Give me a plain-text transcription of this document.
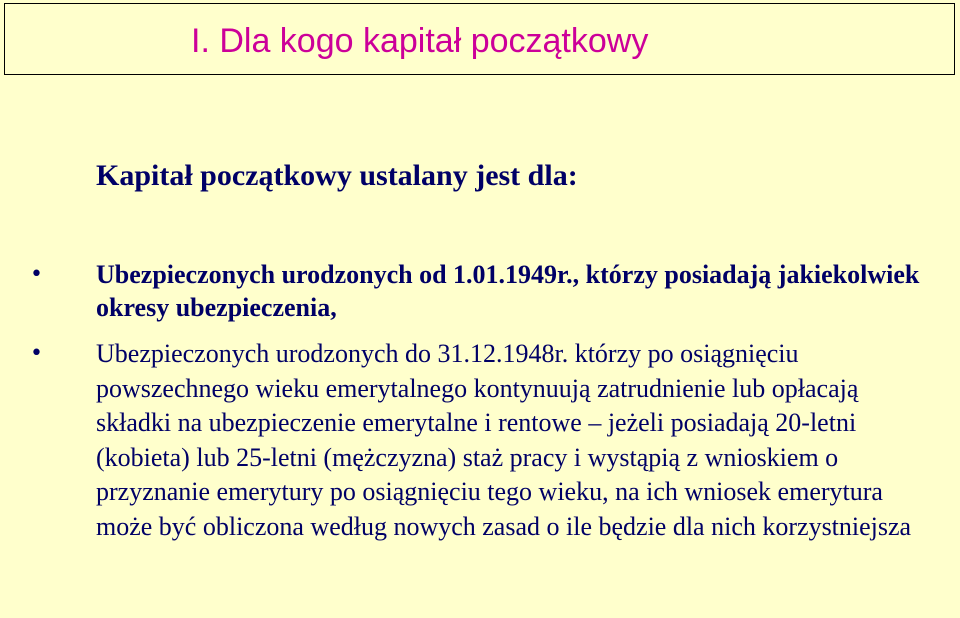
I. Dla kogo kapitał początkowy

Kapitał początkowy ustalany jest dla:

• Ubezpieczonych urodzonych od 1.01.1949r., którzy posiadają jakiekolwiek okresy ubezpieczenia,

• Ubezpieczonych urodzonych do 31.12.1948r. którzy po osiągnięciu powszechnego wieku emerytalnego kontynuują zatrudnienie lub opłacają składki na ubezpieczenie emerytalne i rentowe – jeżeli posiadają 20-letni (kobieta) lub 25-letni (mężczyzna) staż pracy i wystąpią z wnioskiem o przyznanie emerytury po osiągnięciu tego wieku, na ich wniosek emerytura może być obliczona według nowych zasad o ile będzie dla nich korzystniejsza
